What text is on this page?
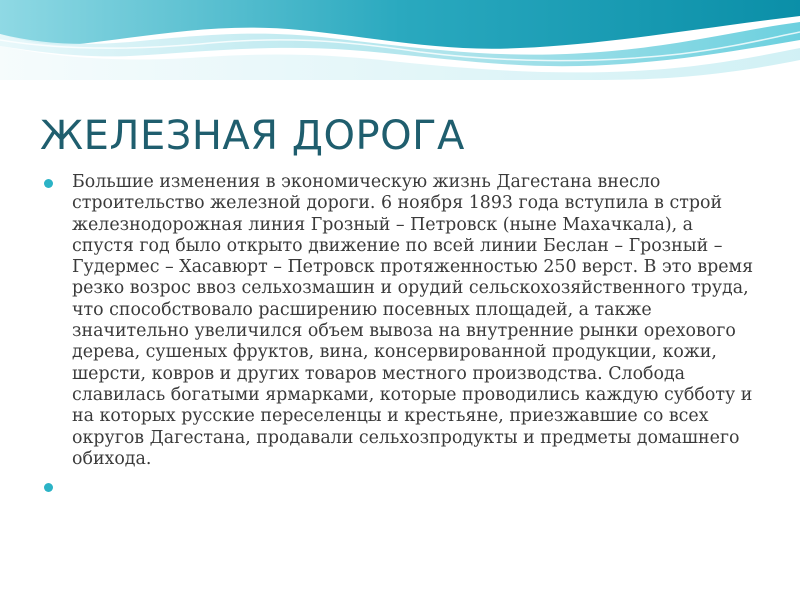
ЖЕЛЕЗНАЯ ДОРОГА
Большие изменения в экономическую жизнь Дагестана внесло строительство железной дороги. 6 ноября 1893 года вступила в строй железнодорожная линия Грозный – Петровск (ныне Махачкала), а спустя год было открыто движение по всей линии Беслан – Грозный – Гудермес – Хасавюрт – Петровск протяженностью 250 верст. В это время резко возрос ввоз сельхозмашин и орудий сельскохозяйственного труда, что способствовало расширению посевных площадей, а также значительно увеличился объем вывоза на внутренние рынки орехового дерева, сушеных фруктов, вина, консервированной продукции, кожи, шерсти, ковров и других товаров местного производства. Слобода славилась богатыми ярмарками, которые проводились каждую субботу и на которых русские переселенцы и крестьяне, приезжавшие со всех округов Дагестана, продавали сельхозпродукты и предметы домашнего обихода.
